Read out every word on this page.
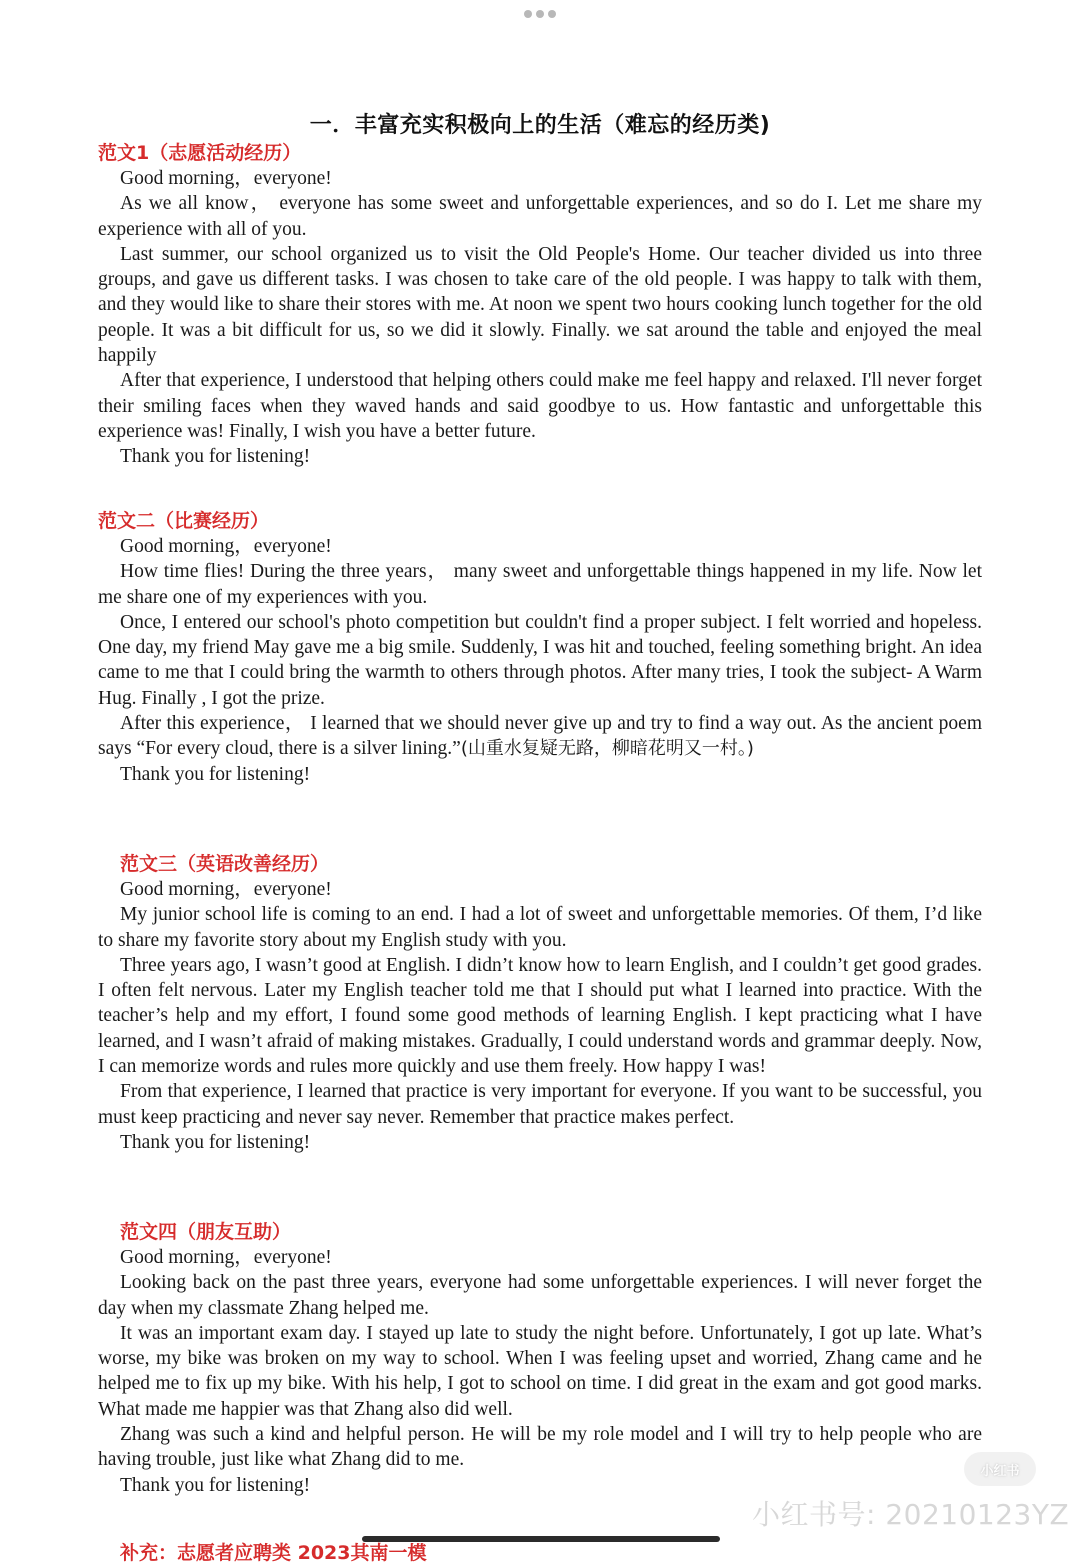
一．丰富充实积极向上的生活（难忘的经历类)
范文1（志愿活动经历）

Good morning，everyone!

As we all know， everyone has some sweet and unforgettable experiences, and so do I. Let me share my experience with all of you.

Last summer, our school organized us to visit the Old People's Home. Our teacher divided us into three groups, and gave us different tasks. I was chosen to take care of the old people. I was happy to talk with them, and they would like to share their stores with me. At noon we spent two hours cooking lunch together for the old people. It was a bit difficult for us, so we did it slowly. Finally. we sat around the table and enjoyed the meal happily

After that experience, I understood that helping others could make me feel happy and relaxed. I'll never forget their smiling faces when they waved hands and said goodbye to us. How fantastic and unforgettable this experience was! Finally, I wish you have a better future.

Thank you for listening!

范文二（比赛经历）

Good morning，everyone!

How time flies! During the three years， many sweet and unforgettable things happened in my life. Now let me share one of my experiences with you.

Once, I entered our school's photo competition but couldn't find a proper subject. I felt worried and hopeless. One day, my friend May gave me a big smile. Suddenly, I was hit and touched, feeling something bright. An idea came to me that I could bring the warmth to others through photos. After many tries, I took the subject- A Warm Hug. Finally , I got the prize.

After this experience， I learned that we should never give up and try to find a way out. As the ancient poem says “For every cloud, there is a silver lining.”(山重水复疑无路，柳暗花明又一村。)

Thank you for listening!

范文三（英语改善经历）

Good morning，everyone!

My junior school life is coming to an end. I had a lot of sweet and unforgettable memories. Of them, I’d like to share my favorite story about my English study with you.

Three years ago, I wasn’t good at English. I didn’t know how to learn English, and I couldn’t get good grades. I often felt nervous. Later my English teacher told me that I should put what I learned into practice. With the teacher’s help and my effort, I found some good methods of learning English. I kept practicing what I have learned, and I wasn’t afraid of making mistakes. Gradually, I could understand words and grammar deeply. Now, I can memorize words and rules more quickly and use them freely. How happy I was!

From that experience, I learned that practice is very important for everyone. If you want to be successful, you must keep practicing and never say never. Remember that practice makes perfect.

Thank you for listening!

范文四（朋友互助）

Good morning，everyone!

Looking back on the past three years, everyone had some unforgettable experiences. I will never forget the day when my classmate Zhang helped me.

It was an important exam day. I stayed up late to study the night before. Unfortunately, I got up late. What’s worse, my bike was broken on my way to school. When I was feeling upset and worried, Zhang came and he helped me to fix up my bike. With his help, I got to school on time. I did great in the exam and got good marks. What made me happier was that Zhang also did well.

Zhang was such a kind and helpful person. He will be my role model and I will try to help people who are having trouble, just like what Zhang did to me.

Thank you for listening!

小红书
小红书号: 20210123YZ
补充：志愿者应聘类 2023其南一模
